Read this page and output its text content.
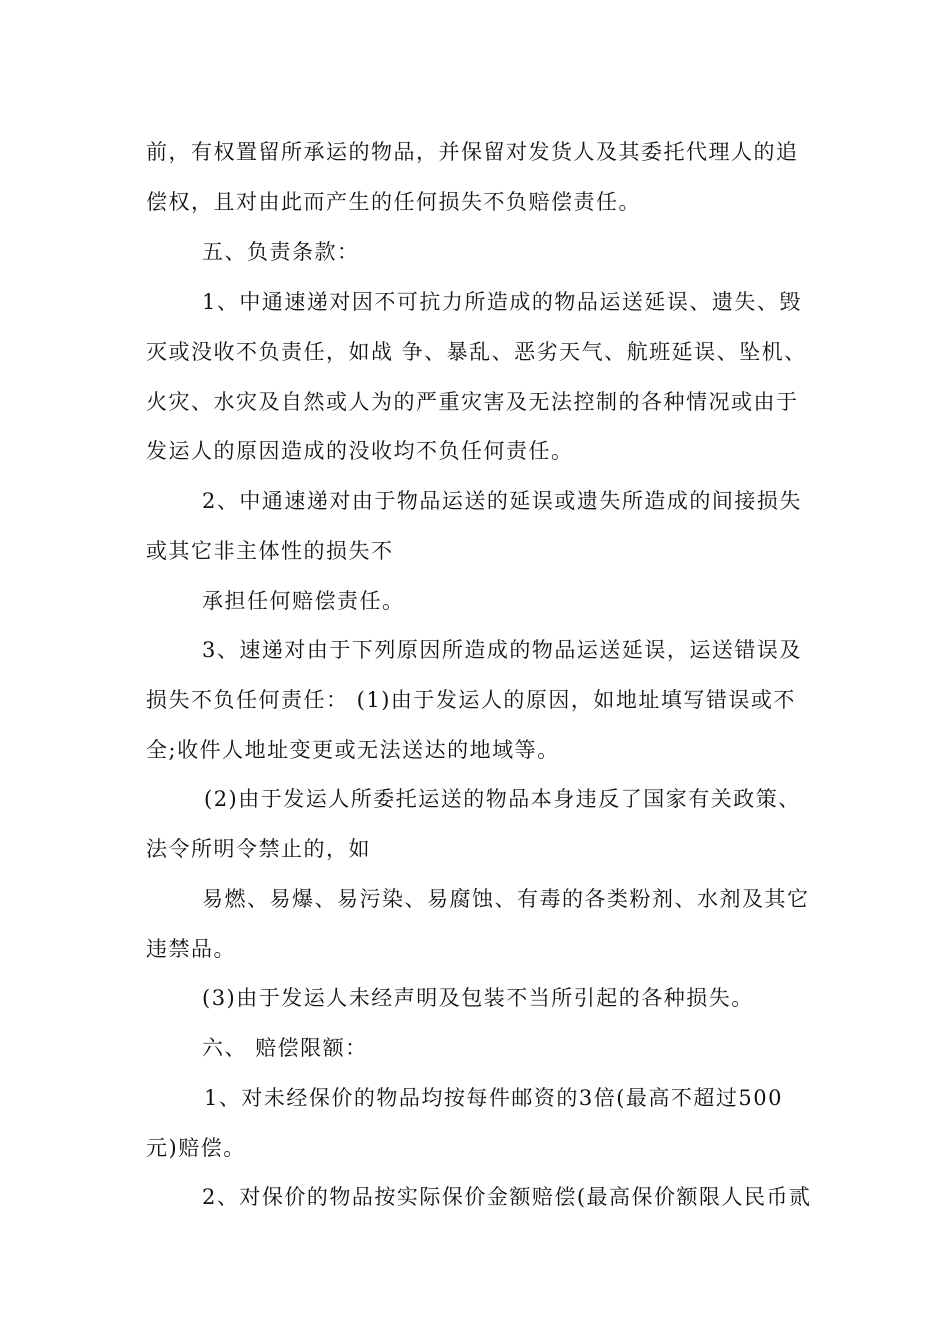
前，有权置留所承运的物品，并保留对发货人及其委托代理人的追
偿权，且对由此而产生的任何损失不负赔偿责任。
五、负责条款：
1、中通速递对因不可抗力所造成的物品运送延误、遗失、毁
灭或没收不负责任，如战 争、暴乱、恶劣天气、航班延误、坠机、
火灾、水灾及自然或人为的严重灾害及无法控制的各种情况或由于
发运人的原因造成的没收均不负任何责任。
2、中通速递对由于物品运送的延误或遗失所造成的间接损失
或其它非主体性的损失不
承担任何赔偿责任。
3、速递对由于下列原因所造成的物品运送延误，运送错误及
损失不负任何责任： (1)由于发运人的原因，如地址填写错误或不
全;收件人地址变更或无法送达的地域等。
(2)由于发运人所委托运送的物品本身违反了国家有关政策、
法令所明令禁止的，如
易燃、易爆、易污染、易腐蚀、有毒的各类粉剂、水剂及其它
违禁品。
(3)由于发运人未经声明及包装不当所引起的各种损失。
六、 赔偿限额：
1、对未经保价的物品均按每件邮资的3倍(最高不超过500
元)赔偿。
2、对保价的物品按实际保价金额赔偿(最高保价额限人民币贰
